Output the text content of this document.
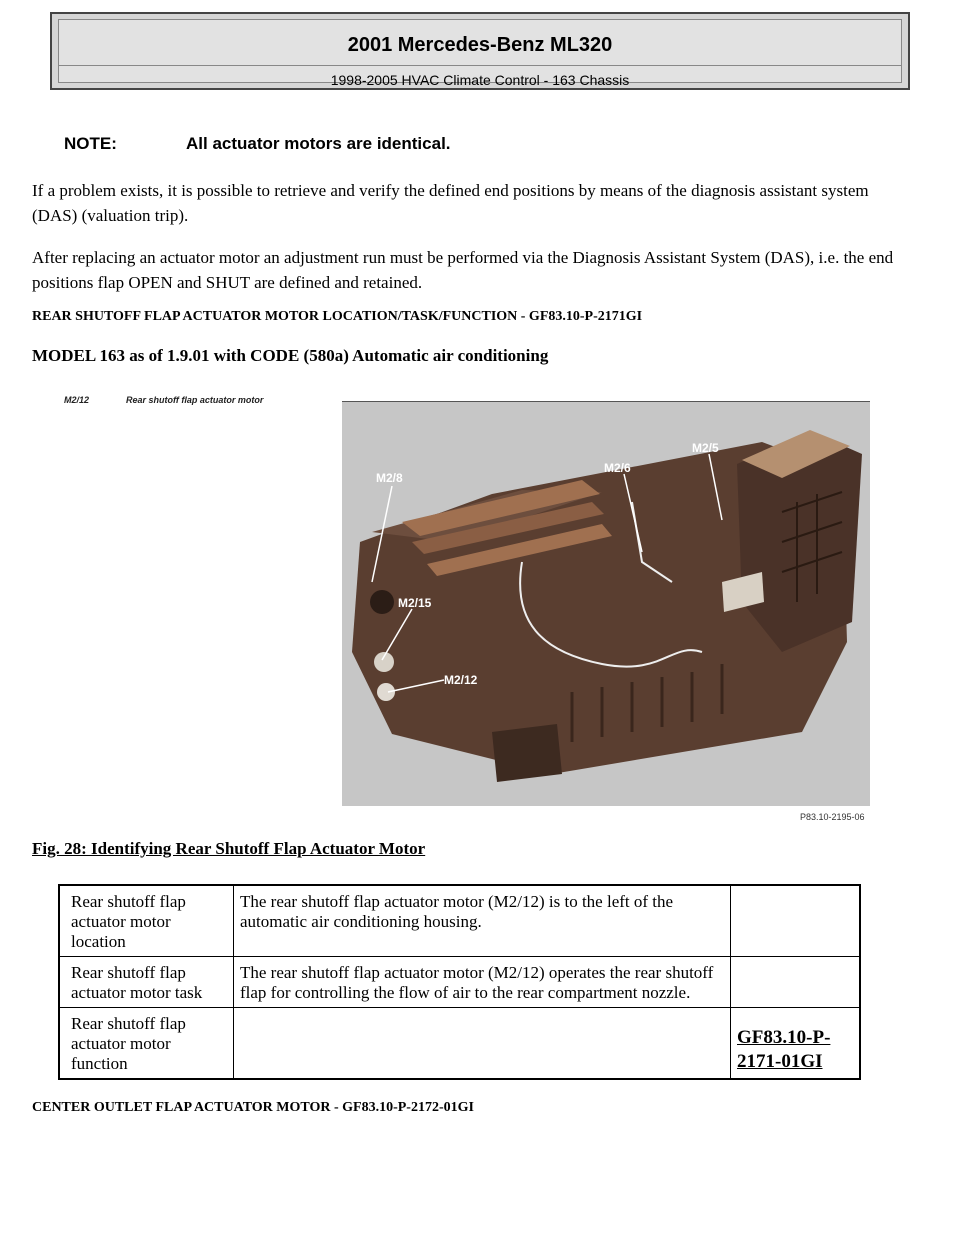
2001 Mercedes-Benz ML320
1998-2005 HVAC Climate Control - 163 Chassis
NOTE:	All actuator motors are identical.
If a problem exists, it is possible to retrieve and verify the defined end positions by means of the diagnosis assistant system (DAS) (valuation trip).
After replacing an actuator motor an adjustment run must be performed via the Diagnosis Assistant System (DAS), i.e. the end positions flap OPEN and SHUT are defined and retained.
REAR SHUTOFF FLAP ACTUATOR MOTOR LOCATION/TASK/FUNCTION - GF83.10-P-2171GI
MODEL 163 as of 1.9.01 with CODE (580a) Automatic air conditioning
M2/12	Rear shutoff flap actuator motor
M2/8
M2/6
M2/5
M2/15
M2/12
P83.10-2195-06
Fig. 28: Identifying Rear Shutoff Flap Actuator Motor
Rear shutoff flap actuator motor location	The rear shutoff flap actuator motor (M2/12) is to the left of the automatic air conditioning housing.	
Rear shutoff flap actuator motor task	The rear shutoff flap actuator motor (M2/12) operates the rear shutoff flap for controlling the flow of air to the rear compartment nozzle.	
Rear shutoff flap actuator motor function		GF83.10-P-2171-01GI
CENTER OUTLET FLAP ACTUATOR MOTOR - GF83.10-P-2172-01GI
